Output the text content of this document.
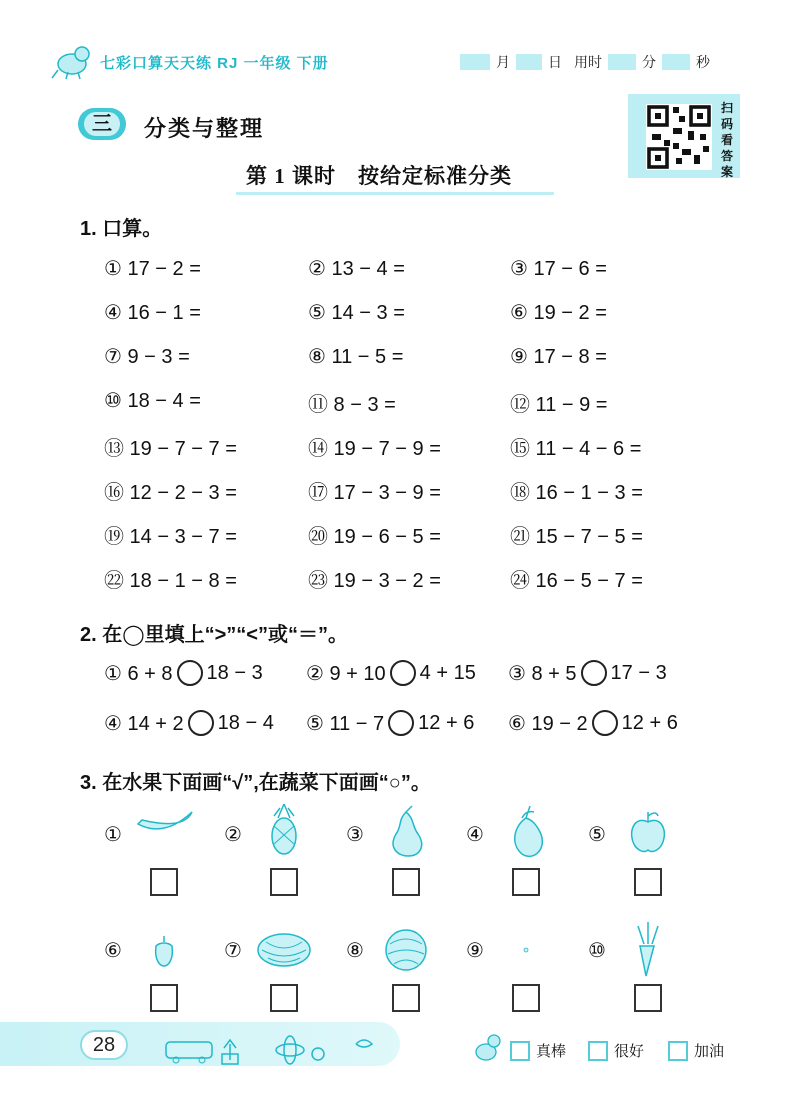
七彩口算天天练 RJ 一年级 下册	月	日 用时	分	秒
三	分类与整理
扫码看答案
第 1 课时　按给定标准分类
1. 口算。
① 17 − 2 =	② 13 − 4 =	③ 17 − 6 =
④ 16 − 1 =	⑤ 14 − 3 =	⑥ 19 − 2 =
⑦ 9 − 3 =	⑧ 11 − 5 =	⑨ 17 − 8 =
⑩ 18 − 4 =	⑪ 8 − 3 =	⑫ 11 − 9 =
⑬ 19 − 7 − 7 =	⑭ 19 − 7 − 9 =	⑮ 11 − 4 − 6 =
⑯ 12 − 2 − 3 =	⑰ 17 − 3 − 9 =	⑱ 16 − 1 − 3 =
⑲ 14 − 3 − 7 =	⑳ 19 − 6 − 5 =	㉑ 15 − 7 − 5 =
㉒ 18 − 1 − 8 =	㉓ 19 − 3 − 2 =	㉔ 16 − 5 − 7 =
2. 在◯里填上“>”“<”或“＝”。
① 6 + 8 18 − 3 ② 9 + 10 4 + 15 ③ 8 + 5 17 − 3
④ 14 + 2 18 − 4 ⑤ 11 − 7 12 + 6 ⑥ 19 − 2 12 + 6
3. 在水果下面画“√”,在蔬菜下面画“○”。
①	②	③	④	⑤
⑥	⑦	⑧	⑨	⑩
28	真棒	很好	加油
